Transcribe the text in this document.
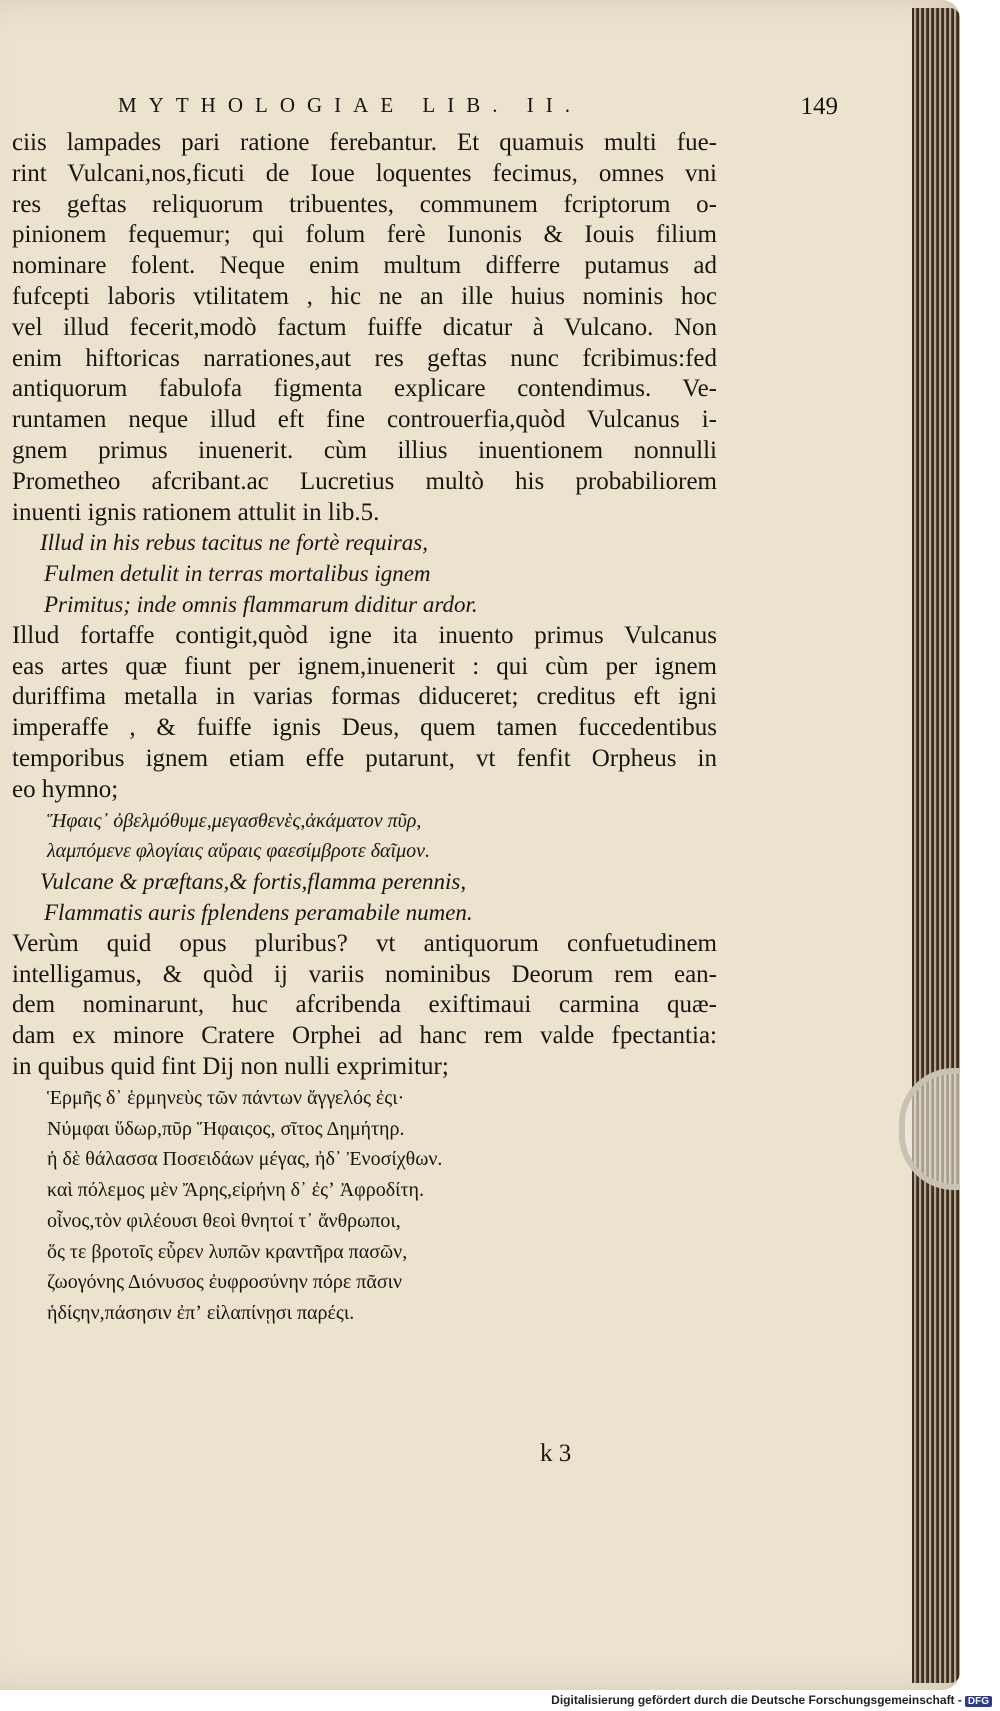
MYTHOLOGIAE LIB. II.	149
ciis lampades pari ratione ferebantur. Et quamuis multi fue-
rint Vulcani,nos,ficuti de Ioue loquentes fecimus, omnes vni
res geftas reliquorum tribuentes, communem fcriptorum o-
pinionem fequemur; qui folum ferè Iunonis & Iouis filium
nominare folent. Neque enim multum differre putamus ad
fufcepti laboris vtilitatem , hic ne an ille huius nominis hoc
vel illud fecerit,modò factum fuiffe dicatur à Vulcano. Non
enim hiftoricas narrationes,aut res geftas nunc fcribimus:fed
antiquorum fabulofa figmenta explicare contendimus. Ve-
runtamen neque illud eft fine controuerfia,quòd Vulcanus i-
gnem primus inuenerit. cùm illius inuentionem nonnulli
Prometheo afcribant.ac Lucretius multò his probabiliorem
inuenti ignis rationem attulit in lib.5.
Illud in his rebus tacitus ne fortè requiras,
Fulmen detulit in terras mortalibus ignem
Primitus; inde omnis flammarum diditur ardor.
Illud fortaffe contigit,quòd igne ita inuento primus Vulcanus
eas artes quæ fiunt per ignem,inuenerit : qui cùm per ignem
duriffima metalla in varias formas diduceret; creditus eft igni
imperaffe , & fuiffe ignis Deus, quem tamen fuccedentibus
temporibus ignem etiam effe putarunt, vt fenfit Orpheus in
eo hymno;
Ἥφαις᾽ ὀβελμόθυμε,μεγασθενὲς,ἀκάματον πῦρ,
λαμπόμενε φλογίαις αὔραις φαεσίμβροτε δαῖμον.
Vulcane & præftans,& fortis,flamma perennis,
Flammatis auris fplendens peramabile numen.
Verùm quid opus pluribus? vt antiquorum confuetudinem
intelligamus, & quòd ij variis nominibus Deorum rem ean-
dem nominarunt, huc afcribenda exiftimaui carmina quæ-
dam ex minore Cratere Orphei ad hanc rem valde fpectantia:
in quibus quid fint Dij non nulli exprimitur;
Ἑρμῆς δ᾽ ἑρμηνεὺς τῶν πάντων ἄγγελός ἐςι·
Νύμφαι ὕδωρ,πῦρ Ἥφαιςος, σῖτος Δημήτηρ.
ἡ δὲ θάλασσα Ποσειδάων μέγας, ἠδ᾽ Ἐνοσίχθων.
καὶ πόλεμος μὲν Ἄρης,εἰρήνη δ᾽ ἐςʼ Ἀφροδίτη.
οἶνος,τὸν φιλέουσι θεοὶ θνητοί τ᾽ ἄνθρωποι,
ὅς τε βροτοῖς εὗρεν λυπῶν κραντῆρα πασῶν,
ζωογόνης Διόνυσος ἐυφροσύνην πόρε πᾶσιν
ἡδίςην,πάσησιν ἐπʼ εἰλαπίνῃσι παρέςι.
k 3
Digitalisierung gefördert durch die Deutsche Forschungsgemeinschaft - DFG
